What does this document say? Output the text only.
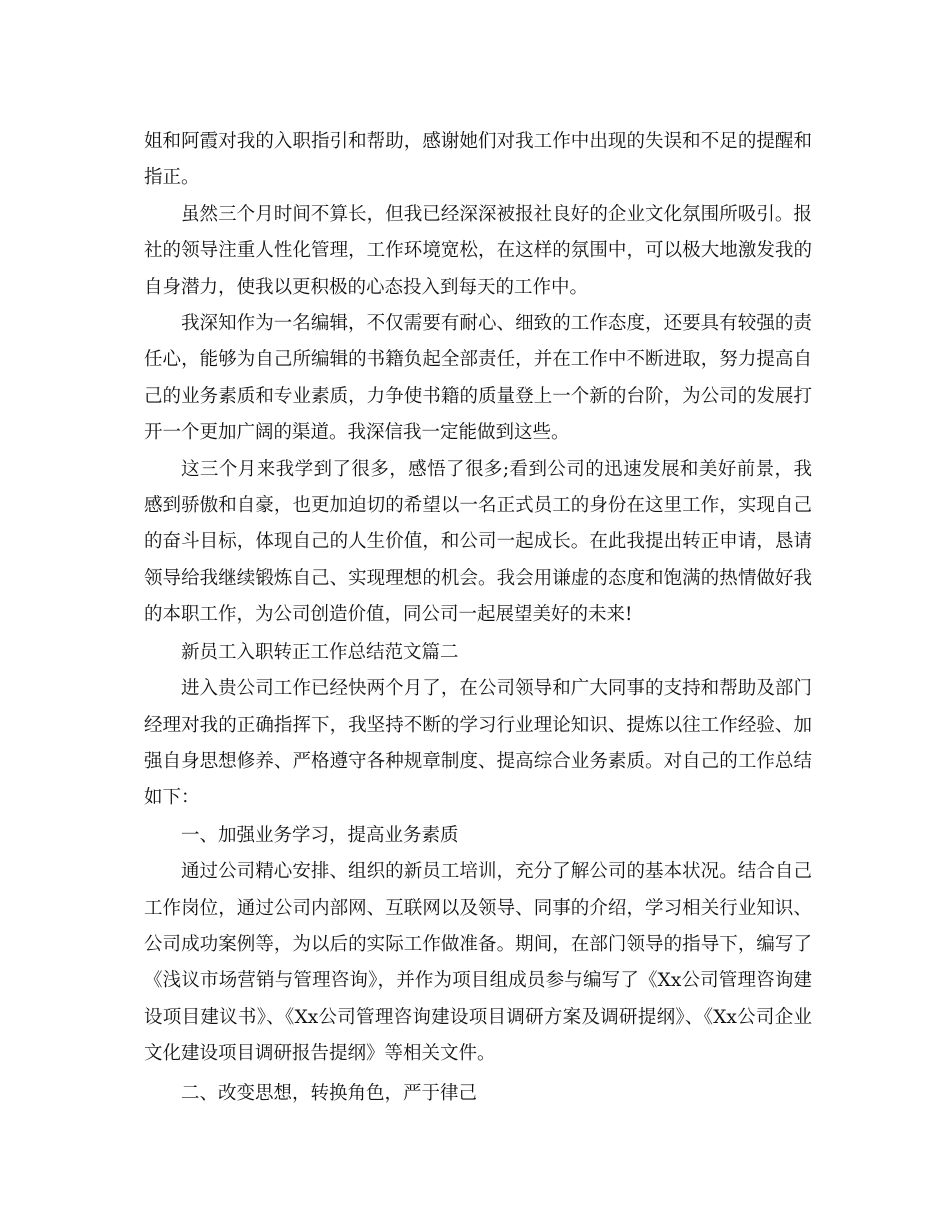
姐和阿霞对我的入职指引和帮助，感谢她们对我工作中出现的失误和不足的提醒和指正。

虽然三个月时间不算长，但我已经深深被报社良好的企业文化氛围所吸引。报社的领导注重人性化管理，工作环境宽松，在这样的氛围中，可以极大地激发我的自身潜力，使我以更积极的心态投入到每天的工作中。

我深知作为一名编辑，不仅需要有耐心、细致的工作态度，还要具有较强的责任心，能够为自己所编辑的书籍负起全部责任，并在工作中不断进取，努力提高自己的业务素质和专业素质，力争使书籍的质量登上一个新的台阶，为公司的发展打开一个更加广阔的渠道。我深信我一定能做到这些。

这三个月来我学到了很多，感悟了很多;看到公司的迅速发展和美好前景，我感到骄傲和自豪，也更加迫切的希望以一名正式员工的身份在这里工作，实现自己的奋斗目标，体现自己的人生价值，和公司一起成长。在此我提出转正申请，恳请领导给我继续锻炼自己、实现理想的机会。我会用谦虚的态度和饱满的热情做好我的本职工作，为公司创造价值，同公司一起展望美好的未来!

新员工入职转正工作总结范文篇二

进入贵公司工作已经快两个月了，在公司领导和广大同事的支持和帮助及部门经理对我的正确指挥下，我坚持不断的学习行业理论知识、提炼以往工作经验、加强自身思想修养、严格遵守各种规章制度、提高综合业务素质。对自己的工作总结如下：

一、加强业务学习，提高业务素质

通过公司精心安排、组织的新员工培训，充分了解公司的基本状况。结合自己工作岗位，通过公司内部网、互联网以及领导、同事的介绍，学习相关行业知识、公司成功案例等，为以后的实际工作做准备。期间，在部门领导的指导下，编写了《浅议市场营销与管理咨询》，并作为项目组成员参与编写了《Xx公司管理咨询建设项目建议书》、《Xx公司管理咨询建设项目调研方案及调研提纲》、《Xx公司企业文化建设项目调研报告提纲》等相关文件。

二、改变思想，转换角色，严于律己
